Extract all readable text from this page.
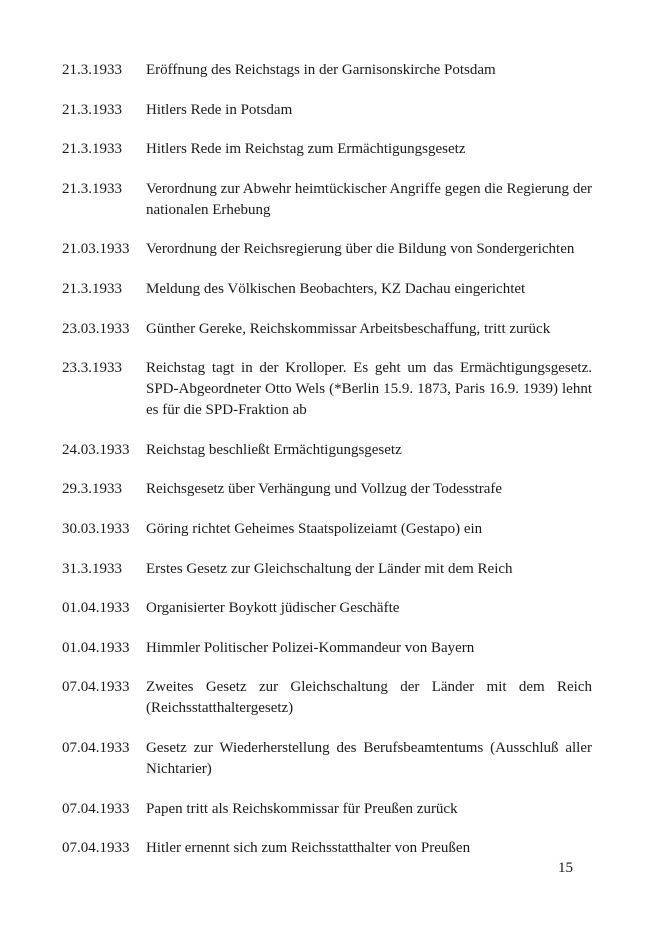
21.3.1933	Eröffnung des Reichstags in der Garnisonskirche Potsdam
21.3.1933	Hitlers Rede in Potsdam
21.3.1933	Hitlers Rede im Reichstag zum Ermächtigungsgesetz
21.3.1933	Verordnung zur Abwehr heimtückischer Angriffe gegen die Regierung der nationalen Erhebung
21.03.1933	Verordnung der Reichsregierung über die Bildung von Sondergerichten
21.3.1933	Meldung des Völkischen Beobachters, KZ Dachau eingerichtet
23.03.1933	Günther Gereke, Reichskommissar Arbeitsbeschaffung, tritt zurück
23.3.1933	Reichstag tagt in der Krolloper. Es geht um das Ermächtigungsgesetz. SPD-Abgeordneter Otto Wels (*Berlin 15.9. 1873, Paris 16.9. 1939) lehnt es für die SPD-Fraktion ab
24.03.1933	Reichstag beschließt Ermächtigungsgesetz
29.3.1933	Reichsgesetz über Verhängung und Vollzug der Todesstrafe
30.03.1933	Göring richtet Geheimes Staatspolizeiamt (Gestapo) ein
31.3.1933	Erstes Gesetz zur Gleichschaltung der Länder mit dem Reich
01.04.1933	Organisierter Boykott jüdischer Geschäfte
01.04.1933	Himmler Politischer Polizei-Kommandeur von Bayern
07.04.1933	Zweites Gesetz zur Gleichschaltung der Länder mit dem Reich (Reichsstatthaltergesetz)
07.04.1933	Gesetz zur Wiederherstellung des Berufsbeamtentums (Ausschluß aller Nichtarier)
07.04.1933	Papen tritt als Reichskommissar für Preußen zurück
07.04.1933	Hitler ernennt sich zum Reichsstatthalter von Preußen
15
